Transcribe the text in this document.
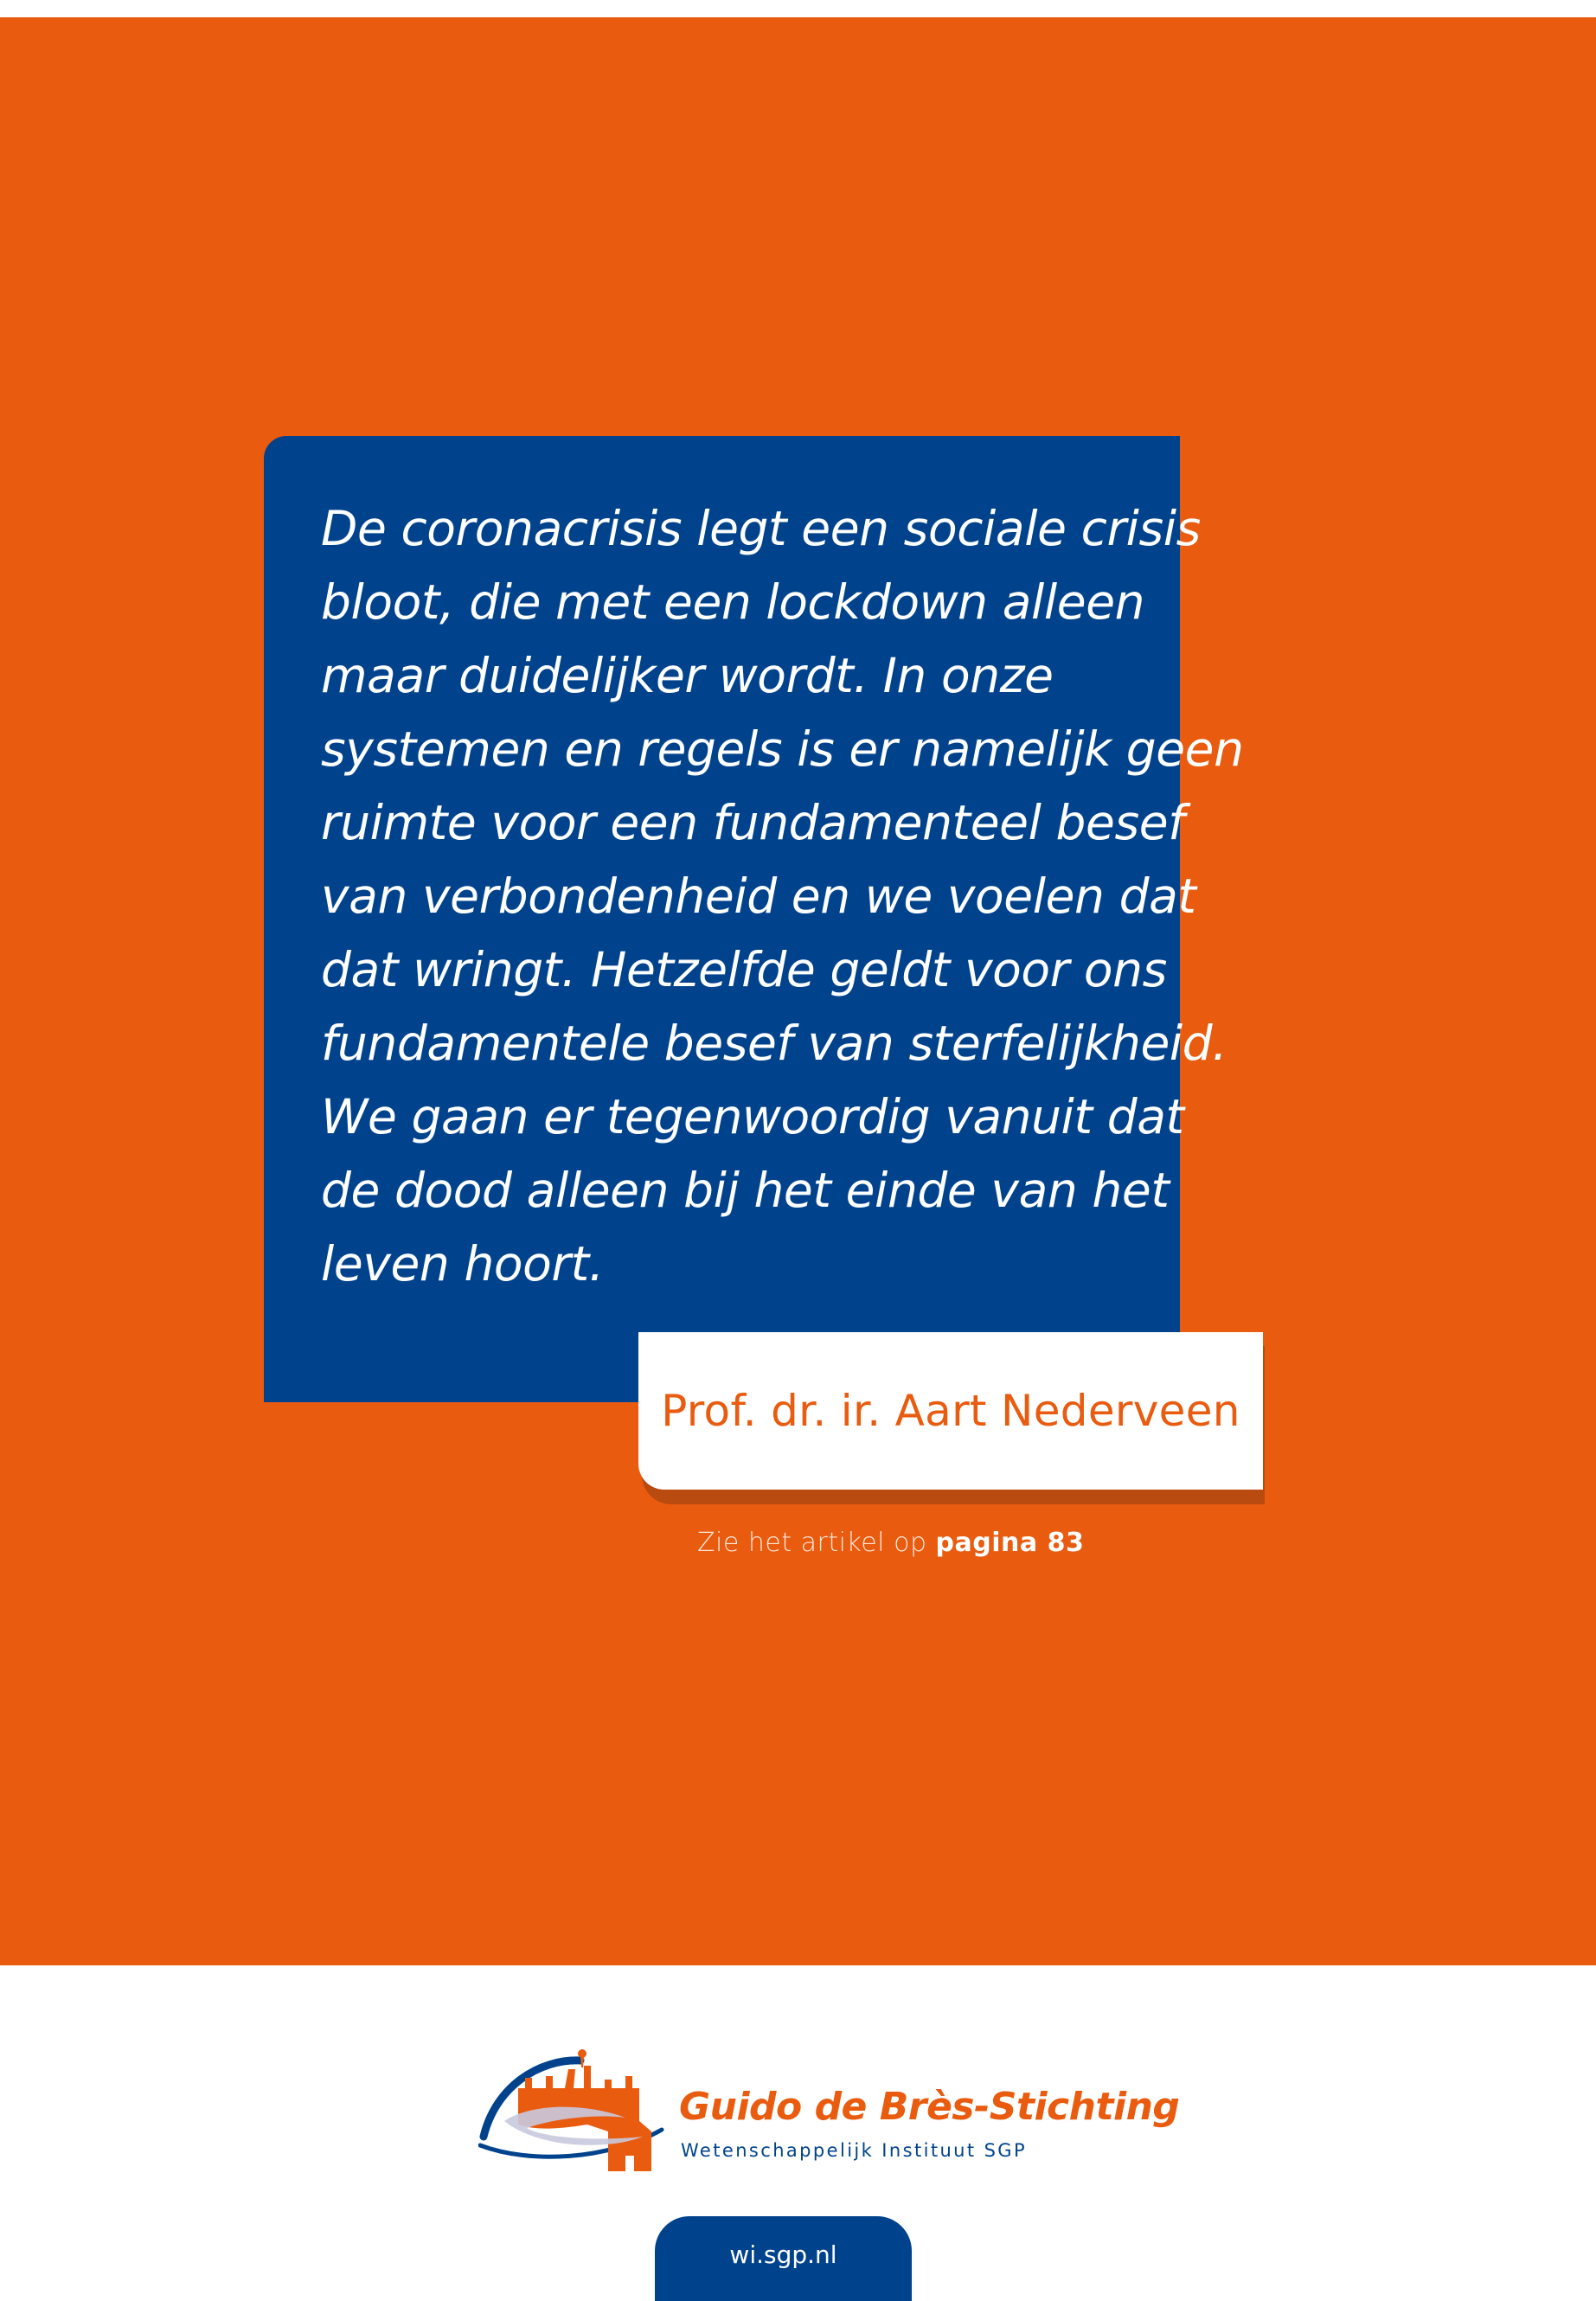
De coronacrisis legt een sociale crisis
bloot, die met een lockdown alleen
maar duidelijker wordt. In onze
systemen en regels is er namelijk geen
ruimte voor een fundamenteel besef
van verbondenheid en we voelen dat
dat wringt. Hetzelfde geldt voor ons
fundamentele besef van sterfelijkheid.
We gaan er tegenwoordig vanuit dat
de dood alleen bij het einde van het
leven hoort.

Prof. dr. ir. Aart Nederveen
Zie het artikel op pagina 83
Guido de Brès-Stichting
Wetenschappelijk Instituut SGP
wi.sgp.nl
